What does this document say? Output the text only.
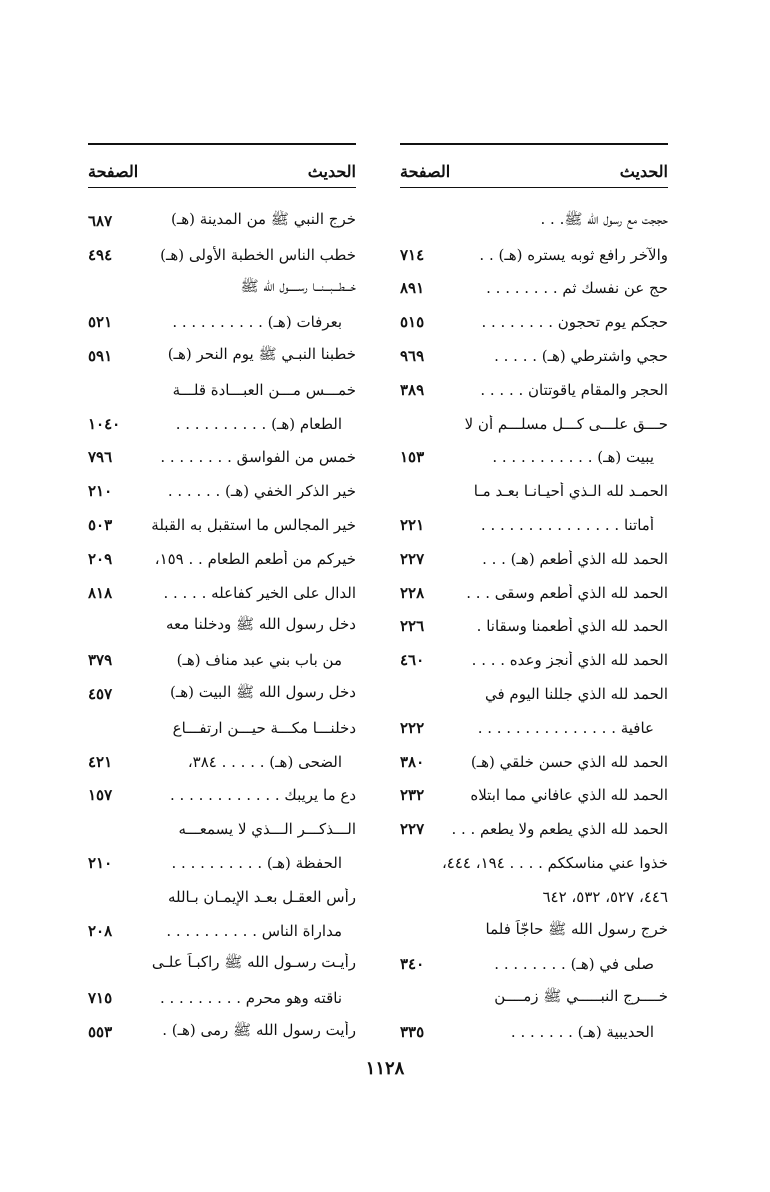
الحديث
الصفحة
حججت مع رسول الله ﷺ. . .
والآخر رافع ثوبه يستره (هـ) . .
٧١٤
حج عن نفسك ثم . . . . . . . .
٨٩١
حجكم يوم تحجون . . . . . . . .
٥١٥
حجي واشترطي (هـ) . . . . .
٩٦٩
الحجر والمقام ياقوتتان . . . . .
٣٨٩
حـــق علـــى كـــل مسلـــم أن لا
يبيت (هـ) . . . . . . . . . . .
١٥٣
الحمـد لله الـذي أحيـانـا بعـد مـا
أماتنا . . . . . . . . . . . . . . .
٢٢١
الحمد لله الذي أطعم (هـ) . . .
٢٢٧
الحمد لله الذي أطعم وسقى . . .
٢٢٨
الحمد لله الذي أطعمنا وسقانا .
٢٢٦
الحمد لله الذي أنجز وعده . . . .
٤٦٠
الحمد لله الذي جللنا اليوم في
عافية . . . . . . . . . . . . . . .
٢٢٢
الحمد لله الذي حسن خلقي (هـ)
٣٨٠
الحمد لله الذي عافاني مما ابتلاه
٢٣٢
الحمد لله الذي يطعم ولا يطعم . . .
٢٢٧
خذوا عني مناسككم . . . . ١٩٤، ٤٤٤،
٤٤٦، ٥٢٧، ٥٣٢، ٦٤٢
خرج رسول الله ﷺ حاجّاً فلما
صلى في (هـ) . . . . . . . .
٣٤٠
خــــرج النبـــــي ﷺ زمــــن
الحديبية (هـ) . . . . . . .
٣٣٥
الحديث
الصفحة
خرج النبي ﷺ من المدينة (هـ)
٦٨٧
خطب الناس الخطبة الأولى (هـ)
٤٩٤
خـــطـــبـــنـــا رســـــول الله ﷺ
بعرفات (هـ) . . . . . . . . . .
٥٢١
خطبنا النبـي ﷺ يوم النحر (هـ)
٥٩١
خمـــس مـــن العبـــادة قلـــة
الطعام (هـ) . . . . . . . . . .
١٠٤٠
خمس من الفواسق . . . . . . . .
٧٩٦
خير الذكر الخفي (هـ) . . . . . .
٢١٠
خير المجالس ما استقبل به القبلة
٥٠٣
خيركم من أطعم الطعام . . ١٥٩،
٢٠٩
الدال على الخير كفاعله . . . . .
٨١٨
دخل رسول الله ﷺ ودخلنا معه
من باب بني عبد مناف (هـ)
٣٧٩
دخل رسول الله ﷺ البيت (هـ)
٤٥٧
دخلنـــا مكـــة حيـــن ارتفـــاع
الضحى (هـ) . . . . . ٣٨٤،
٤٢١
دع ما يريبك . . . . . . . . . . . .
١٥٧
الـــذكـــر الـــذي لا يسمعـــه
الحفظة (هـ) . . . . . . . . . .
٢١٠
رأس العقـل بعـد الإيمـان بـالله
مداراة الناس . . . . . . . . . .
٢٠٨
رأيـت رسـول الله ﷺ راكبـاً علـى
ناقته وهو محرم . . . . . . . . .
٧١٥
رأيت رسول الله ﷺ رمى (هـ) .
٥٥٣
١١٢٨
